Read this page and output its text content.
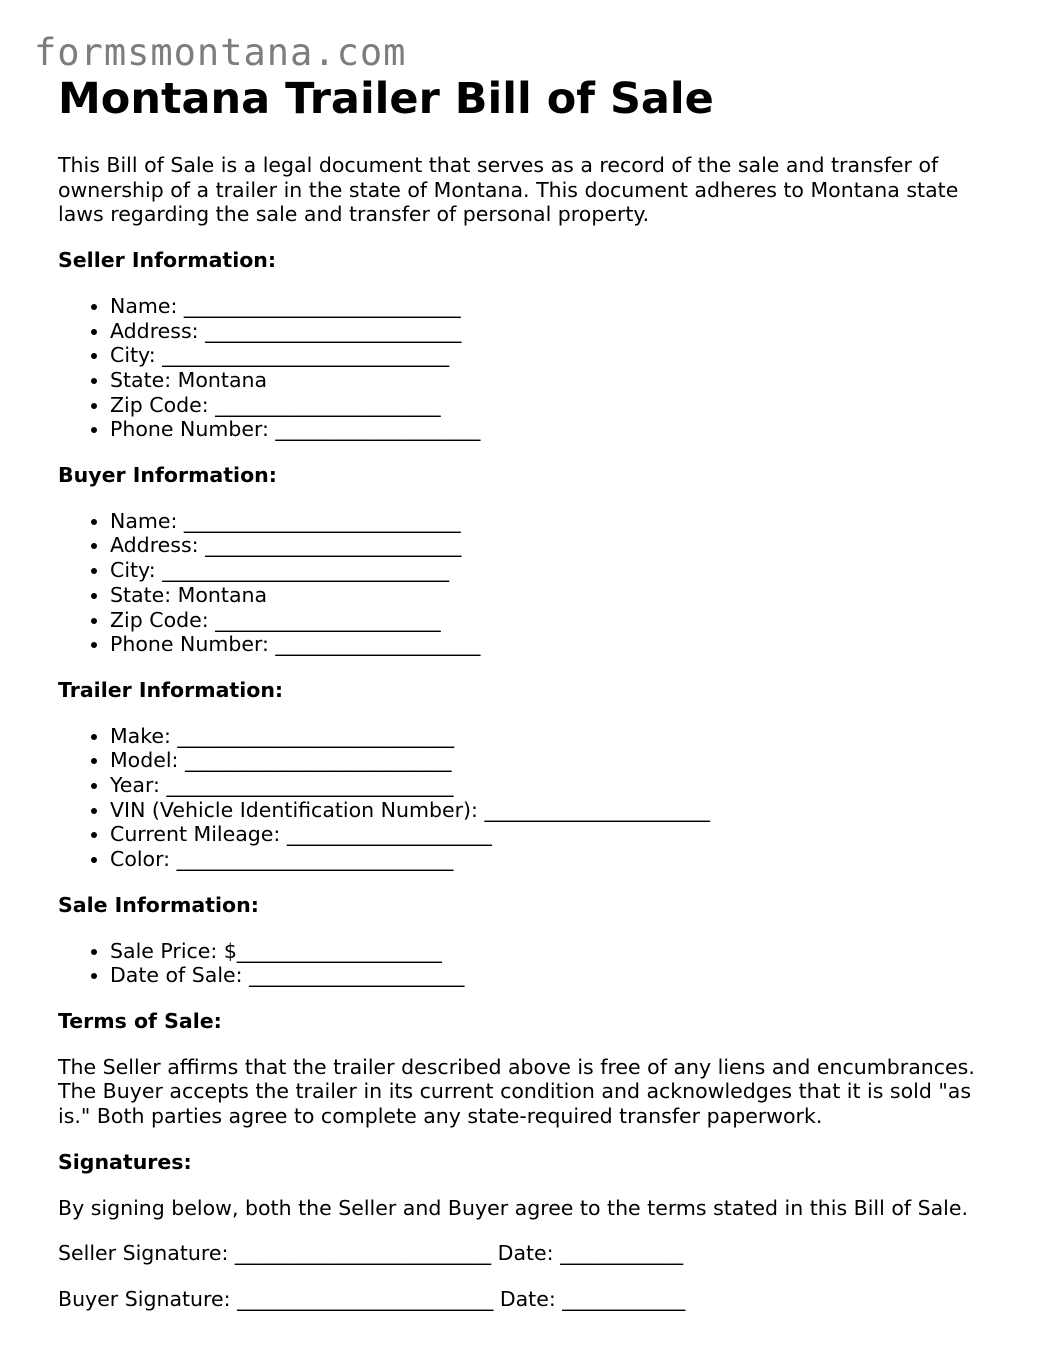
formsmontana.com
Montana Trailer Bill of Sale

This Bill of Sale is a legal document that serves as a record of the sale and transfer of ownership of a trailer in the state of Montana. This document adheres to Montana state laws regarding the sale and transfer of personal property.

Seller Information:
• Name: ___________________________
• Address: _________________________
• City: ____________________________
• State: Montana
• Zip Code: ______________________
• Phone Number: ____________________
Buyer Information:
• Name: ___________________________
• Address: _________________________
• City: ____________________________
• State: Montana
• Zip Code: ______________________
• Phone Number: ____________________
Trailer Information:
• Make: ___________________________
• Model: __________________________
• Year: ____________________________
• VIN (Vehicle Identification Number): ______________________
• Current Mileage: ____________________
• Color: ___________________________
Sale Information:
• Sale Price: $____________________
• Date of Sale: _____________________
Terms of Sale:

The Seller affirms that the trailer described above is free of any liens and encumbrances. The Buyer accepts the trailer in its current condition and acknowledges that it is sold "as is." Both parties agree to complete any state-required transfer paperwork.

Signatures:

By signing below, both the Seller and Buyer agree to the terms stated in this Bill of Sale.

Seller Signature: _________________________ Date: ____________

Buyer Signature: _________________________ Date: ____________
